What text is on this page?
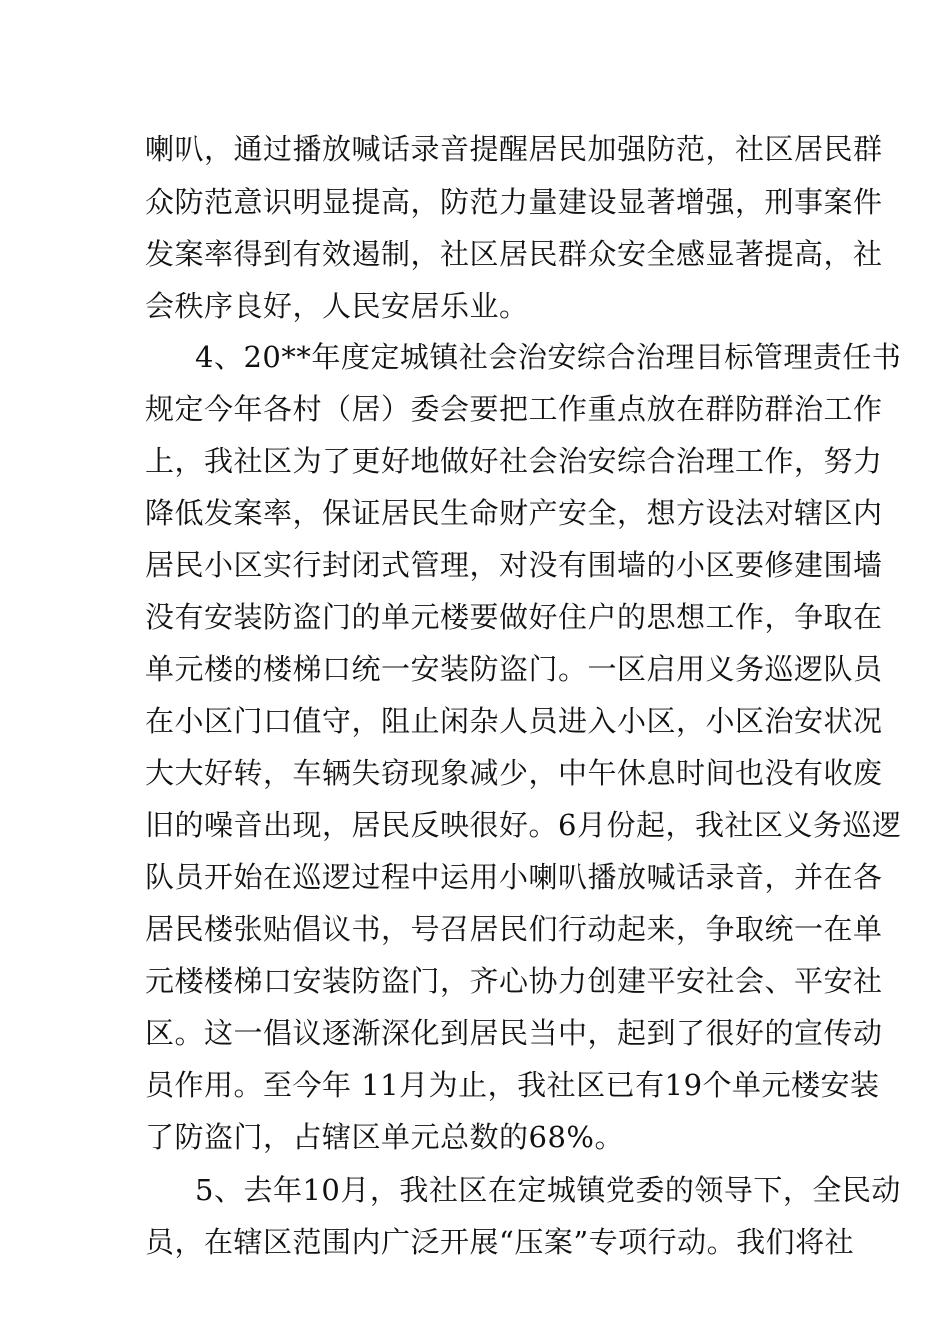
喇叭，通过播放喊话录音提醒居民加强防范，社区居民群
众防范意识明显提高，防范力量建设显著增强，刑事案件
发案率得到有效遏制，社区居民群众安全感显著提高，社
会秩序良好，人民安居乐业。
4、20**年度定城镇社会治安综合治理目标管理责任书
规定今年各村（居）委会要把工作重点放在群防群治工作
上，我社区为了更好地做好社会治安综合治理工作，努力
降低发案率，保证居民生命财产安全，想方设法对辖区内
居民小区实行封闭式管理，对没有围墙的小区要修建围墙
没有安装防盗门的单元楼要做好住户的思想工作，争取在
单元楼的楼梯口统一安装防盗门。一区启用义务巡逻队员
在小区门口值守，阻止闲杂人员进入小区，小区治安状况
大大好转，车辆失窃现象减少，中午休息时间也没有收废
旧的噪音出现，居民反映很好。6月份起，我社区义务巡逻
队员开始在巡逻过程中运用小喇叭播放喊话录音，并在各
居民楼张贴倡议书，号召居民们行动起来，争取统一在单
元楼楼梯口安装防盗门，齐心协力创建平安社会、平安社
区。这一倡议逐渐深化到居民当中，起到了很好的宣传动
员作用。至今年 11月为止，我社区已有19个单元楼安装
了防盗门，占辖区单元总数的68%。
5、去年10月，我社区在定城镇党委的领导下，全民动
员，在辖区范围内广泛开展“压案”专项行动。我们将社
